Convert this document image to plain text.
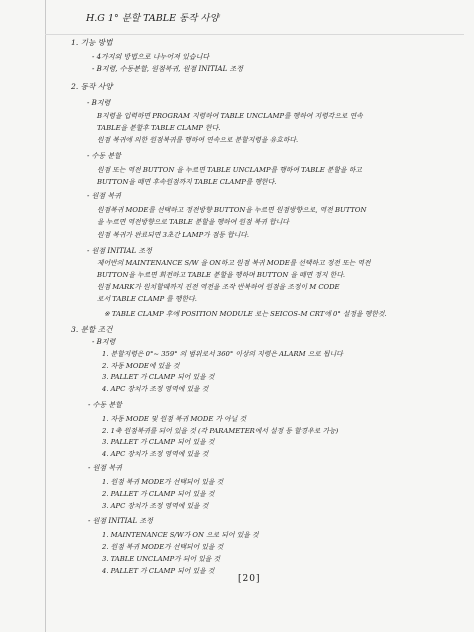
H.G 1° 분할 TABLE 동작 사양
1. 기능 방법
- 4가지의 방법으로 나누어져 있습니다
- B지령, 수동분할, 원점복귀, 원점 INITIAL 조정
2. 동작 사양
- B지령
B지령을 입력하면 PROGRAM 지령하여 TABLE UNCLAMP를 행하여 지령각으로 연속
TABLE을 분할후 TABLE CLAMP 한다.
원점 복귀에 의한 원점복귀를 행하여 연속으로 분할지령을 유효하다.
- 수동 분할
원점 또는 역전 BUTTON 을 누르면 TABLE UNCLAMP를 행하여 TABLE 분할을 하고
BUTTON을 떼면 후속원점까지 TABLE CLAMP를 행한다.
- 원점 복귀
원점복귀 MODE를 선택하고 정전방향 BUTTON을 누르면 원점방향으로, 역전 BUTTON
을 누르면 역전방향으로 TABLE 분할을 행하여 원점 복귀 합니다
원점 복귀가 완료되면 3초간 LAMP가 점등 합니다.
- 원점 INITIAL 조정
제어반의 MAINTENANCE S/W 을 ON하고 원점 복귀 MODE를 선택하고 정전 또는 역전
BUTTON을 누르면 회전하고 TABLE 분할을 행하며 BUTTON 을 떼면 정지 한다.
원점 MARK가 원치할때까지 진전 역전을 조작 반복하여 원점을 조정이 M CODE
로서 TABLE CLAMP 를 행한다.
※ TABLE CLAMP 후에 POSITION MODULE 로는 SEICOS-M CRT에 0° 설정을 행한것.
3. 분할 조건
- B지령
1. 분할지령은 0°~ 359° 의 범위로서 360° 이상의 지령은 ALARM 으로 됩니다
2. 자동 MODE에 있을 것
3. PALLET 가 CLAMP 되어 있을 것
4. APC 장치가 조정 영역에 있을 것
- 수동 분할
1. 자동 MODE 및 원점 복귀 MODE 가 아닐 것
2. 1축 원점복귀를 되어 있을 것 (각 PARAMETER에서 설정 등 할경우로 가능)
3. PALLET 가 CLAMP 되어 있을 것
4. APC 장치가 조정 영역에 있을 것
- 원점 복귀
1. 원점 복귀 MODE가 선택되어 있을 것
2. PALLET 가 CLAMP 되어 있을 것
3. APC 장치가 조정 영역에 있을 것
- 원점 INITIAL 조정
1. MAINTENANCE S/W가 ON 으로 되어 있을 것
2. 원점 복귀 MODE가 선택되어 있을 것
3. TABLE UNCLAMP가 되어 있을 것
4. PALLET 가 CLAMP 되어 있을 것
[20]
